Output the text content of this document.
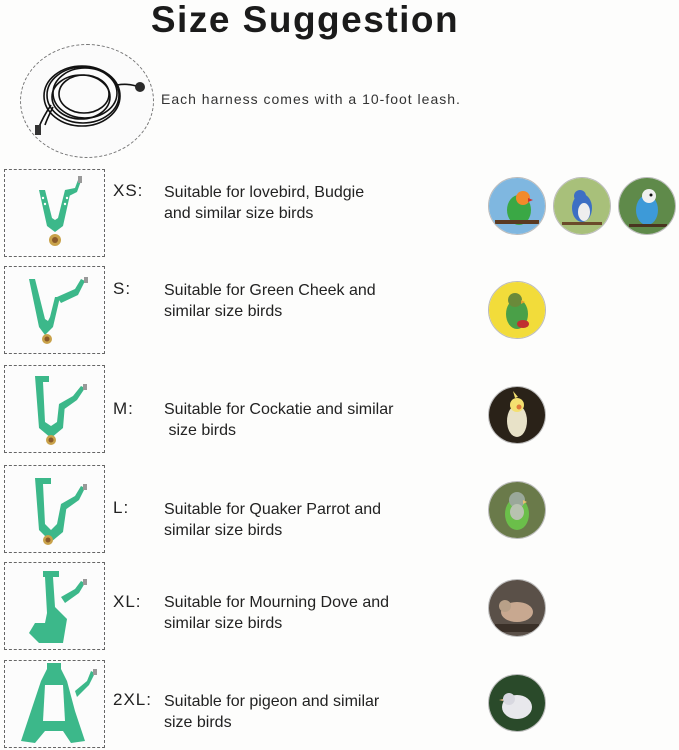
Size Suggestion
Each harness comes with a 10-foot leash.
XS: Suitable for lovebird, Budgie
and similar size birds
S: Suitable for Green Cheek and
similar size birds
M: Suitable for Cockatie and similar
size birds
L: Suitable for Quaker Parrot and
similar size birds
XL: Suitable for Mourning Dove and
similar size birds
2XL: Suitable for pigeon and similar
size birds
